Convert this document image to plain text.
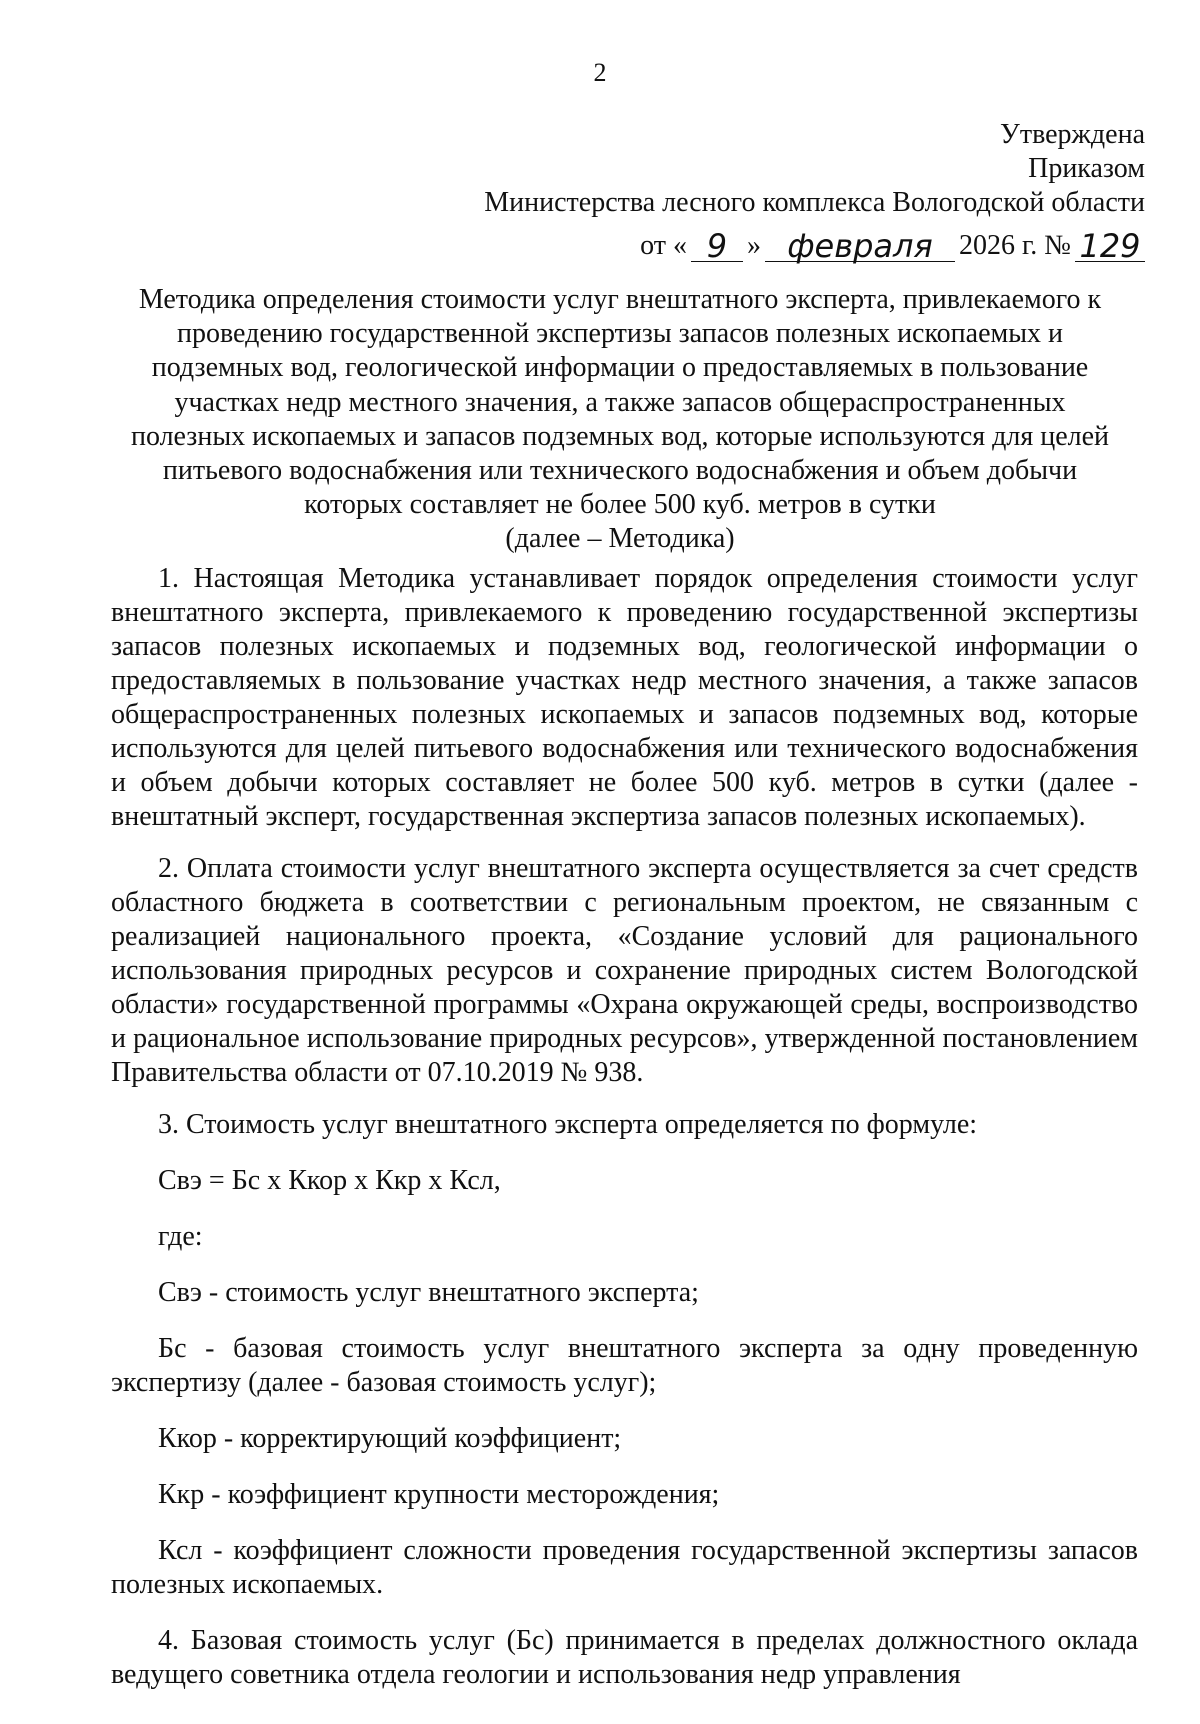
2
Утверждена
Приказом
Министерства лесного комплекса Вологодской области
от « 9 » февраля 2026 г. № 129
Методика определения стоимости услуг внештатного эксперта, привлекаемого к
проведению государственной экспертизы запасов полезных ископаемых и
подземных вод, геологической информации о предоставляемых в пользование
участках недр местного значения, а также запасов общераспространенных
полезных ископаемых и запасов подземных вод, которые используются для целей
питьевого водоснабжения или технического водоснабжения и объем добычи
которых составляет не более 500 куб. метров в сутки
(далее – Методика)

1. Настоящая Методика устанавливает порядок определения стоимости услуг внештатного эксперта, привлекаемого к проведению государственной экспертизы запасов полезных ископаемых и подземных вод, геологической информации о предоставляемых в пользование участках недр местного значения, а также запасов общераспространенных полезных ископаемых и запасов подземных вод, которые используются для целей питьевого водоснабжения или технического водоснабжения и объем добычи которых составляет не более 500 куб. метров в сутки (далее - внештатный эксперт, государственная экспертиза запасов полезных ископаемых).

2. Оплата стоимости услуг внештатного эксперта осуществляется за счет средств областного бюджета в соответствии с региональным проектом, не связанным с реализацией национального проекта, «Создание условий для рационального использования природных ресурсов и сохранение природных систем Вологодской области» государственной программы «Охрана окружающей среды, воспроизводство и рациональное использование природных ресурсов», утвержденной постановлением Правительства области от 07.10.2019 № 938.

3. Стоимость услуг внештатного эксперта определяется по формуле:

Свэ = Бс х Ккор х Ккр х Ксл,

где:

Свэ - стоимость услуг внештатного эксперта;

Бс - базовая стоимость услуг внештатного эксперта за одну проведенную экспертизу (далее - базовая стоимость услуг);

Ккор - корректирующий коэффициент;

Ккр - коэффициент крупности месторождения;

Ксл - коэффициент сложности проведения государственной экспертизы запасов полезных ископаемых.

4. Базовая стоимость услуг (Бс) принимается в пределах должностного оклада ведущего советника отдела геологии и использования недр управления
